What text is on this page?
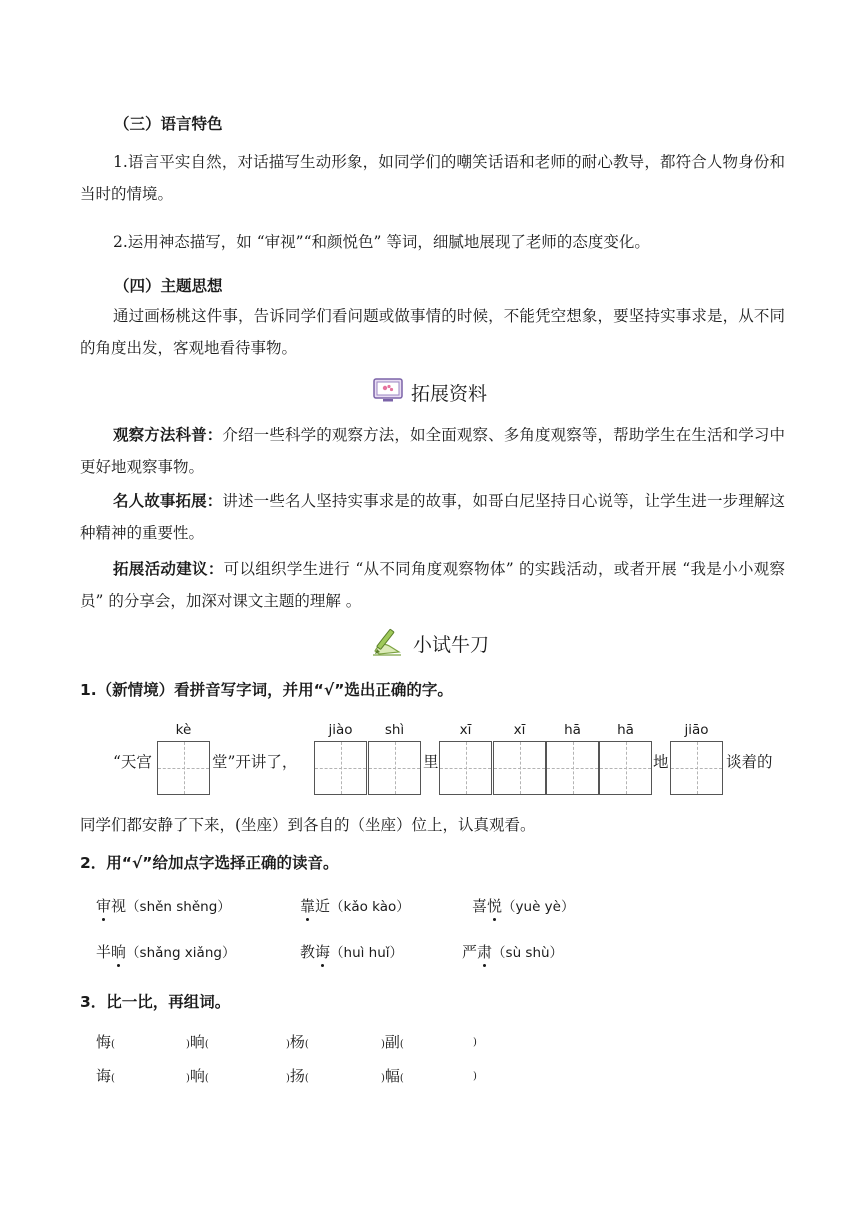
（三）语言特色
1.语言平实自然，对话描写生动形象，如同学们的嘲笑话语和老师的耐心教导，都符合人物身份和当时的情境。
2.运用神态描写，如 “审视”“和颜悦色” 等词，细腻地展现了老师的态度变化。
（四）主题思想
通过画杨桃这件事，告诉同学们看问题或做事情的时候，不能凭空想象，要坚持实事求是，从不同的角度出发，客观地看待事物。
拓展资料
观察方法科普：介绍一些科学的观察方法，如全面观察、多角度观察等，帮助学生在生活和学习中更好地观察事物。
名人故事拓展：讲述一些名人坚持实事求是的故事，如哥白尼坚持日心说等，让学生进一步理解这种精神的重要性。
拓展活动建议：可以组织学生进行 “从不同角度观察物体” 的实践活动，或者开展 “我是小小观察员” 的分享会，加深对课文主题的理解 。
小试牛刀
1.（新情境）看拼音写字词，并用“√”选出正确的字。
kè	jiào	shì	xī	xī	hā	hā	jiāo
“天宫	堂”开讲了，	里	地	谈着的
同学们都安静了下来，(坐座）到各自的（坐座）位上，认真观看。
2．用“√”给加点字选择正确的读音。
审视（shěn shěng）	靠近（kǎo kào）	喜悦（yuè yè）
半晌（shǎng xiǎng）	教诲（huì huǐ）	严肃（sù shù）
3．比一比，再组词。
悔(	)晌(	)杨(	)副(	)
诲(	)响(	)扬(	)幅(	)
